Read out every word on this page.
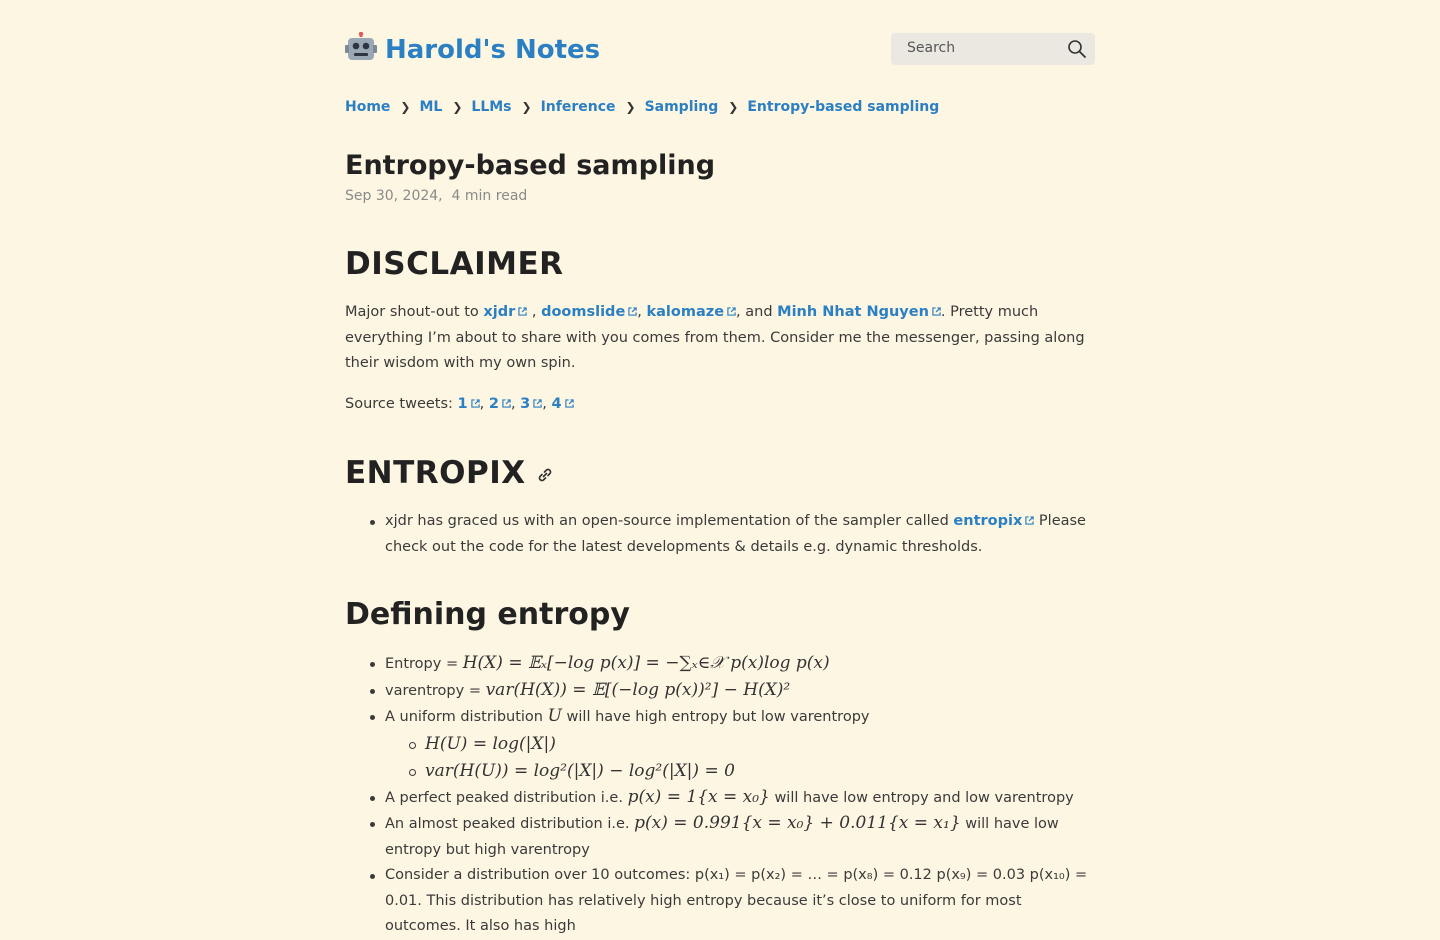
Harold's Notes	Search
Home ❯ ML ❯ LLMs ❯ Inference ❯ Sampling ❯ Entropy-based sampling
Entropy-based sampling
Sep 30, 2024, 4 min read
DISCLAIMER

Major shout-out to xjdr , doomslide , kalomaze , and Minh Nhat Nguyen . Pretty much everything I’m about to share with you comes from them. Consider me the messenger, passing along their wisdom with my own spin.

Source tweets: 1 , 2 , 3 , 4

ENTROPIX
xjdr has graced us with an open-source implementation of the sampler called entropix Please check out the code for the latest developments & details e.g. dynamic thresholds.
Defining entropy
Entropy = H(X) = 𝔼ₓ[−log p(x)] = −∑ₓ∈𝒳 p(x)log p(x)
varentropy = var(H(X)) = 𝔼[(−log p(x))²] − H(X)²
A uniform distribution U will have high entropy but low varentropy
H(U) = log(|X|)
var(H(U)) = log²(|X|) − log²(|X|) = 0
A perfect peaked distribution i.e. p(x) = 1{x = x₀} will have low entropy and low varentropy
An almost peaked distribution i.e. p(x) = 0.991{x = x₀} + 0.011{x = x₁} will have low entropy but high varentropy
Consider a distribution over 10 outcomes: p(x₁) = p(x₂) = … = p(x₈) = 0.12 p(x₉) = 0.03 p(x₁₀) = 0.01. This distribution has relatively high entropy because it’s close to uniform for most outcomes. It also has high
